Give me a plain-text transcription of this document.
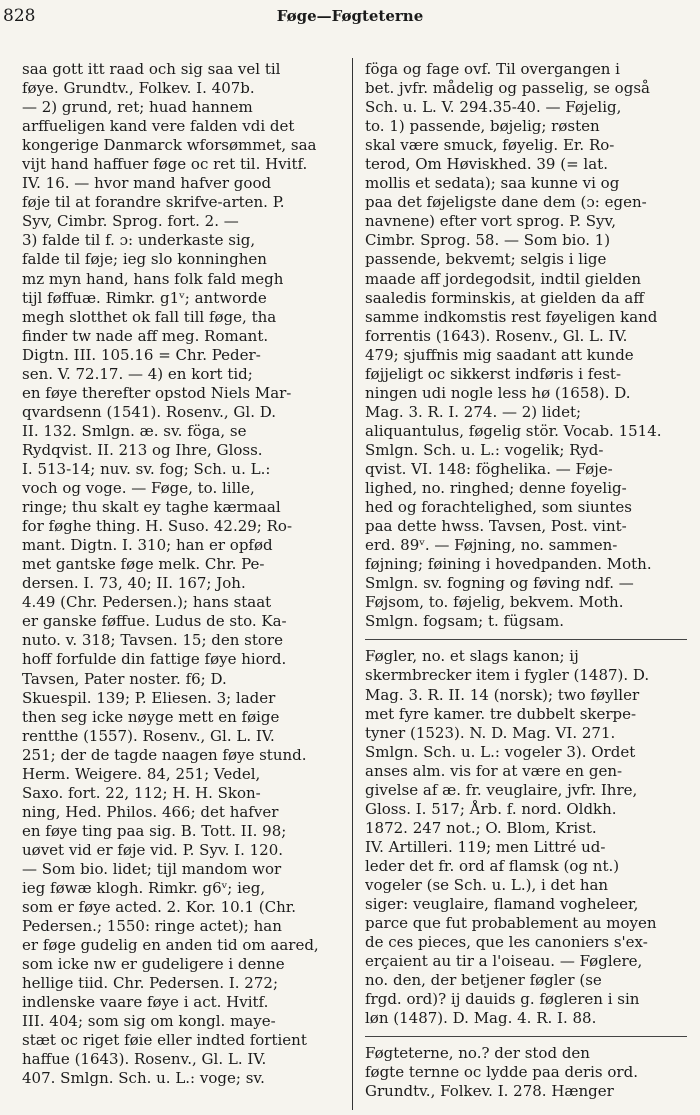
828	Føge—Føgteterne
saa gott itt raad och sig saa vel til
føye. Grundtv., Folkev. I. 407b.
— 2) grund, ret; huad hannem
arffueligen kand vere falden vdi det
kongerige Danmarck wforsømmet, saa
vijt hand haffuer føge oc ret til. Hvitf.
IV. 16. — hvor mand hafver good
føje til at forandre skrifve-arten. P.
Syv, Cimbr. Sprog. fort. 2. —
3) falde til f. ɔ: underkaste sig,
falde til føje; ieg slo konninghen
mz myn hand, hans folk fald megh
tijl føffuæ. Rimkr. g1ᵛ; antworde
megh slotthet ok fall till føge, tha
finder tw nade aff meg. Romant.
Digtn. III. 105.16 = Chr. Peder-
sen. V. 72.17. — 4) en kort tid;
en føye therefter opstod Niels Mar-
qvardsenn (1541). Rosenv., Gl. D.
II. 132. Smlgn. æ. sv. föga, se
Rydqvist. II. 213 og Ihre, Gloss.
I. 513-14; nuv. sv. fog; Sch. u. L.:
voch og voge. — Føge, to. lille,
ringe; thu skalt ey taghe kærmaal
for føghe thing. H. Suso. 42.29; Ro-
mant. Digtn. I. 310; han er opfød
met gantske føge melk. Chr. Pe-
dersen. I. 73, 40; II. 167; Joh.
4.49 (Chr. Pedersen.); hans staat
er ganske føffue. Ludus de sto. Ka-
nuto. v. 318; Tavsen. 15; den store
hoff forfulde din fattige føye hiord.
Tavsen, Pater noster. f6; D.
Skuespil. 139; P. Eliesen. 3; lader
then seg icke nøyge mett en føige
rentthe (1557). Rosenv., Gl. L. IV.
251; der de tagde naagen føye stund.
Herm. Weigere. 84, 251; Vedel,
Saxo. fort. 22, 112; H. H. Skon-
ning, Hed. Philos. 466; det hafver
en føye ting paa sig. B. Tott. II. 98;
uøvet vid er føje vid. P. Syv. I. 120.
— Som bio. lidet; tijl mandom wor
ieg føwæ klogh. Rimkr. g6ᵛ; ieg,
som er føye acted. 2. Kor. 10.1 (Chr.
Pedersen.; 1550: ringe actet); han
er føge gudelig en anden tid om aared,
som icke nw er gudeligere i denne
hellige tiid. Chr. Pedersen. I. 272;
indlenske vaare føye i act. Hvitf.
III. 404; som sig om kongl. maye-
stæt oc riget føie eller indted fortient
haffue (1643). Rosenv., Gl. L. IV.
407. Smlgn. Sch. u. L.: voge; sv.
föga og fage ovf. Til overgangen i
bet. jvfr. mådelig og passelig, se også
Sch. u. L. V. 294.35-40. — Føjelig,
to. 1) passende, bøjelig; røsten
skal være smuck, føyelig. Er. Ro-
terod, Om Høviskhed. 39 (= lat.
mollis et sedata); saa kunne vi og
paa det føjeligste dane dem (ɔ: egen-
navnene) efter vort sprog. P. Syv,
Cimbr. Sprog. 58. — Som bio. 1)
passende, bekvemt; selgis i lige
maade aff jordegodsit, indtil gielden
saaledis forminskis, at gielden da aff
samme indkomstis rest føyeligen kand
forrentis (1643). Rosenv., Gl. L. IV.
479; sjuffnis mig saadant att kunde
føjjeligt oc sikkerst indføris i fest-
ningen udi nogle less hø (1658). D.
Mag. 3. R. I. 274. — 2) lidet;
aliquantulus, føgelig stör. Vocab. 1514.
Smlgn. Sch. u. L.: vogelik; Ryd-
qvist. VI. 148: föghelika. — Føje-
lighed, no. ringhed; denne foyelig-
hed og forachtelighed, som siuntes
paa dette hwss. Tavsen, Post. vint-
erd. 89ᵛ. — Føjning, no. sammen-
føjning; føining i hovedpanden. Moth.
Smlgn. sv. fogning og føving ndf. —
Føjsom, to. føjelig, bekvem. Moth.
Smlgn. fogsam; t. fügsam.
Føgler, no. et slags kanon; ij
skermbrecker item i fygler (1487). D.
Mag. 3. R. II. 14 (norsk); two føyller
met fyre kamer. tre dubbelt skerpe-
tyner (1523). N. D. Mag. VI. 271.
Smlgn. Sch. u. L.: vogeler 3). Ordet
anses alm. vis for at være en gen-
givelse af æ. fr. veuglaire, jvfr. Ihre,
Gloss. I. 517; Årb. f. nord. Oldkh.
1872. 247 not.; O. Blom, Krist.
IV. Artilleri. 119; men Littré ud-
leder det fr. ord af flamsk (og nt.)
vogeler (se Sch. u. L.), i det han
siger: veuglaire, flamand vogheleer,
parce que fut probablement au moyen
de ces pieces, que les canoniers s'ex-
erçaient au tir a l'oiseau. — Føglere,
no. den, der betjener føgler (se
frgd. ord)? ij dauids g. føgleren i sin
løn (1487). D. Mag. 4. R. I. 88.
Føgteterne, no.? der stod den
føgte ternne oc lydde paa deris ord.
Grundtv., Folkev. I. 278. Hænger
